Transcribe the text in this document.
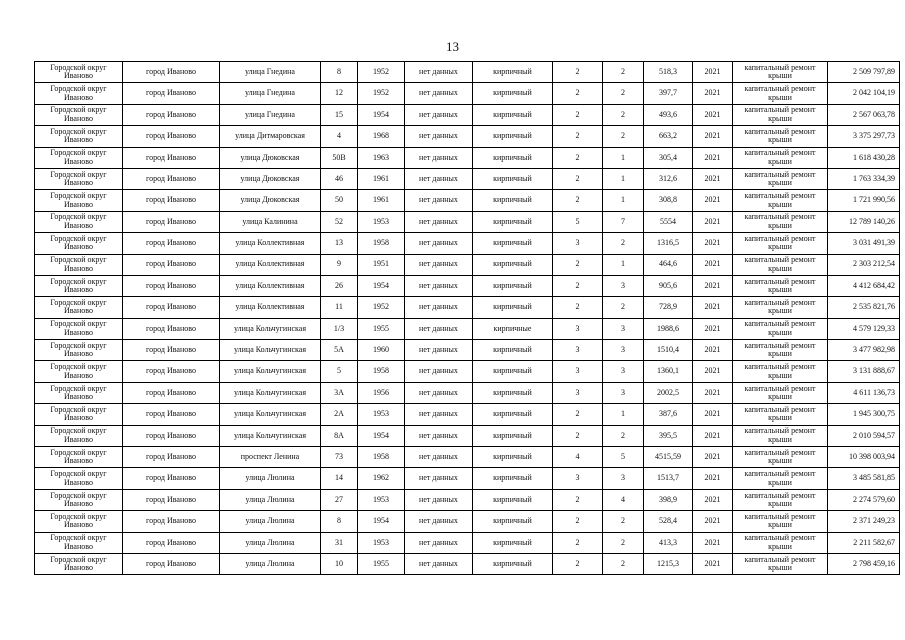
13
Городской округ Иваново	город Иваново	улица Гнедина	8	1952	нет данных	кирпичный	2	2	518,3	2021	капитальный ремонт крыши	2 509 797,89
Городской округ Иваново	город Иваново	улица Гнедина	12	1952	нет данных	кирпичный	2	2	397,7	2021	капитальный ремонт крыши	2 042 104,19
Городской округ Иваново	город Иваново	улица Гнедина	15	1954	нет данных	кирпичный	2	2	493,6	2021	капитальный ремонт крыши	2 567 063,78
Городской округ Иваново	город Иваново	улица Дитмаровская	4	1968	нет данных	кирпичный	2	2	663,2	2021	капитальный ремонт крыши	3 375 297,73
Городской округ Иваново	город Иваново	улица Дюковская	50В	1963	нет данных	кирпичный	2	1	305,4	2021	капитальный ремонт крыши	1 618 430,28
Городской округ Иваново	город Иваново	улица Дюковская	46	1961	нет данных	кирпичный	2	1	312,6	2021	капитальный ремонт крыши	1 763 334,39
Городской округ Иваново	город Иваново	улица Дюковская	50	1961	нет данных	кирпичный	2	1	308,8	2021	капитальный ремонт крыши	1 721 990,56
Городской округ Иваново	город Иваново	улица Калинина	52	1953	нет данных	кирпичный	5	7	5554	2021	капитальный ремонт крыши	12 789 140,26
Городской округ Иваново	город Иваново	улица Коллективная	13	1958	нет данных	кирпичный	3	2	1316,5	2021	капитальный ремонт крыши	3 031 491,39
Городской округ Иваново	город Иваново	улица Коллективная	9	1951	нет данных	кирпичный	2	1	464,6	2021	капитальный ремонт крыши	2 303 212,54
Городской округ Иваново	город Иваново	улица Коллективная	26	1954	нет данных	кирпичный	2	3	905,6	2021	капитальный ремонт крыши	4 412 684,42
Городской округ Иваново	город Иваново	улица Коллективная	11	1952	нет данных	кирпичный	2	2	728,9	2021	капитальный ремонт крыши	2 535 821,76
Городской округ Иваново	город Иваново	улица Кольчугинская	1/3	1955	нет данных	кирпичные	3	3	1988,6	2021	капитальный ремонт крыши	4 579 129,33
Городской округ Иваново	город Иваново	улица Кольчугинская	5А	1960	нет данных	кирпичный	3	3	1510,4	2021	капитальный ремонт крыши	3 477 982,98
Городской округ Иваново	город Иваново	улица Кольчугинская	5	1958	нет данных	кирпичный	3	3	1360,1	2021	капитальный ремонт крыши	3 131 888,67
Городской округ Иваново	город Иваново	улица Кольчугинская	3А	1956	нет данных	кирпичный	3	3	2002,5	2021	капитальный ремонт крыши	4 611 136,73
Городской округ Иваново	город Иваново	улица Кольчугинская	2А	1953	нет данных	кирпичный	2	1	387,6	2021	капитальный ремонт крыши	1 945 300,75
Городской округ Иваново	город Иваново	улица Кольчугинская	8А	1954	нет данных	кирпичный	2	2	395,5	2021	капитальный ремонт крыши	2 010 594,57
Городской округ Иваново	город Иваново	проспект Ленина	73	1958	нет данных	кирпичный	4	5	4515,59	2021	капитальный ремонт крыши	10 398 003,94
Городской округ Иваново	город Иваново	улица Люлина	14	1962	нет данных	кирпичный	3	3	1513,7	2021	капитальный ремонт крыши	3 485 581,85
Городской округ Иваново	город Иваново	улица Люлина	27	1953	нет данных	кирпичный	2	4	398,9	2021	капитальный ремонт крыши	2 274 579,60
Городской округ Иваново	город Иваново	улица Люлина	8	1954	нет данных	кирпичный	2	2	528,4	2021	капитальный ремонт крыши	2 371 249,23
Городской округ Иваново	город Иваново	улица Люлина	31	1953	нет данных	кирпичный	2	2	413,3	2021	капитальный ремонт крыши	2 211 582,67
Городской округ Иваново	город Иваново	улица Люлина	10	1955	нет данных	кирпичный	2	2	1215,3	2021	капитальный ремонт крыши	2 798 459,16
